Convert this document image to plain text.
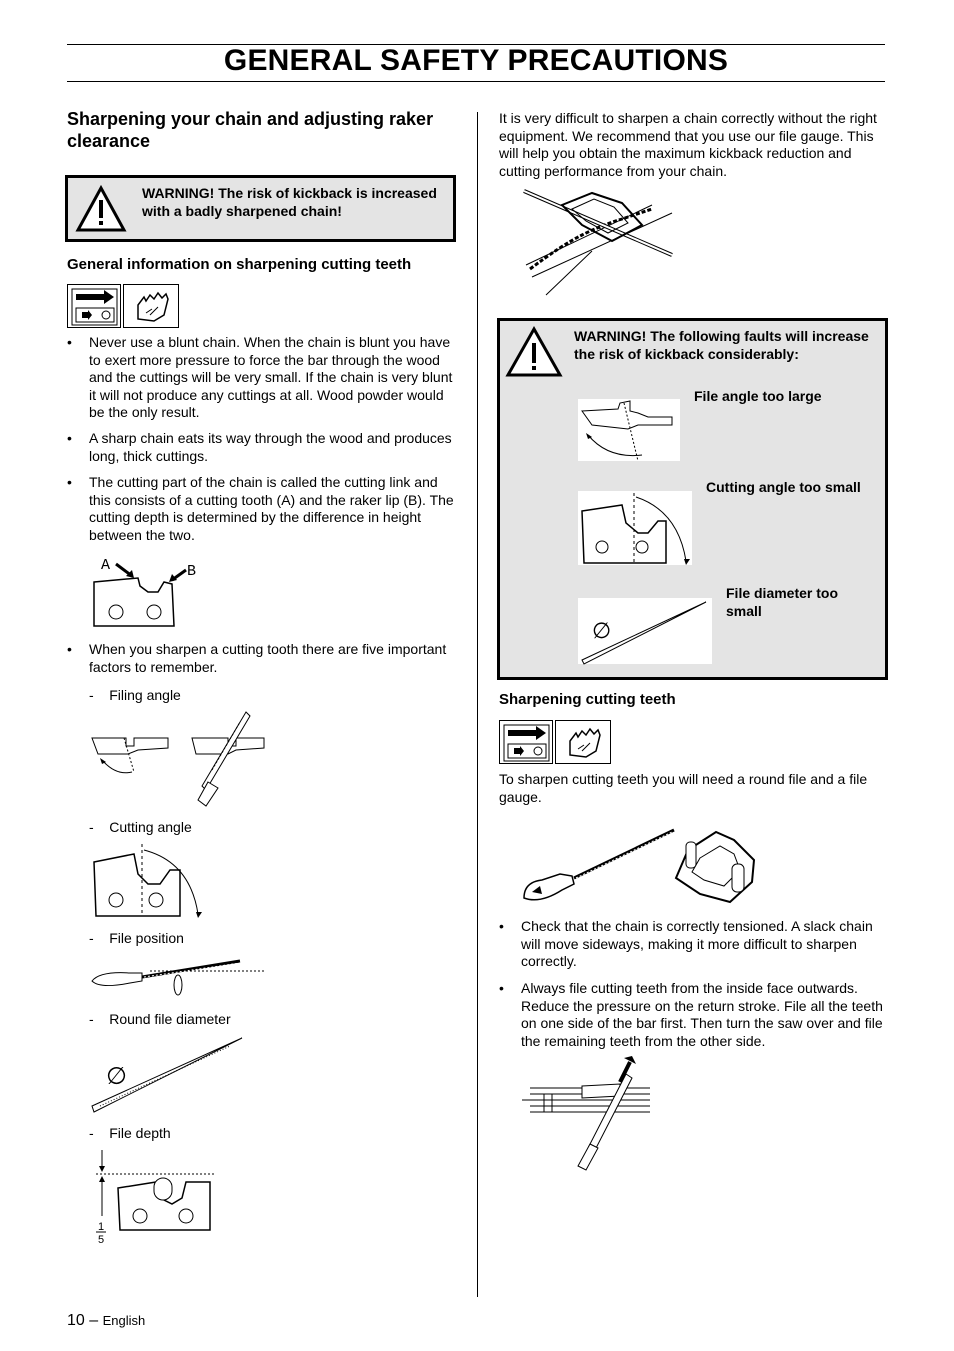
GENERAL SAFETY PRECAUTIONS
Sharpening your chain and adjusting raker clearance
WARNING! The risk of kickback is increased with a badly sharpened chain!
General information on sharpening cutting teeth
• Never use a blunt chain. When the chain is blunt you have to exert more pressure to force the bar through the wood and the cuttings will be very small. If the chain is very blunt it will not produce any cuttings at all. Wood powder would be the only result.
• A sharp chain eats its way through the wood and produces long, thick cuttings.
• The cutting part of the chain is called the cutting link and this consists of a cutting tooth (A) and the raker lip (B). The cutting depth is determined by the difference in height between the two.
A	B
• When you sharpen a cutting tooth there are five important factors to remember.
-    Filing angle
-    Cutting angle
-    File position
-    Round file diameter
∅
-    File depth
1
5
It is very difficult to sharpen a chain correctly without the right equipment. We recommend that you use our file gauge. This will help you obtain the maximum kickback reduction and cutting performance from your chain.
WARNING! The following faults will increase the risk of kickback considerably:
File angle too large
Cutting angle too small
File diameter too small
∅
Sharpening cutting teeth
To sharpen cutting teeth you will need a round file and a file gauge.
• Check that the chain is correctly tensioned. A slack chain will move sideways, making it more difficult to sharpen correctly.
• Always file cutting teeth from the inside face outwards. Reduce the pressure on the return stroke. File all the teeth on one side of the bar first. Then turn the saw over and file the remaining teeth from the other side.
10 – English
